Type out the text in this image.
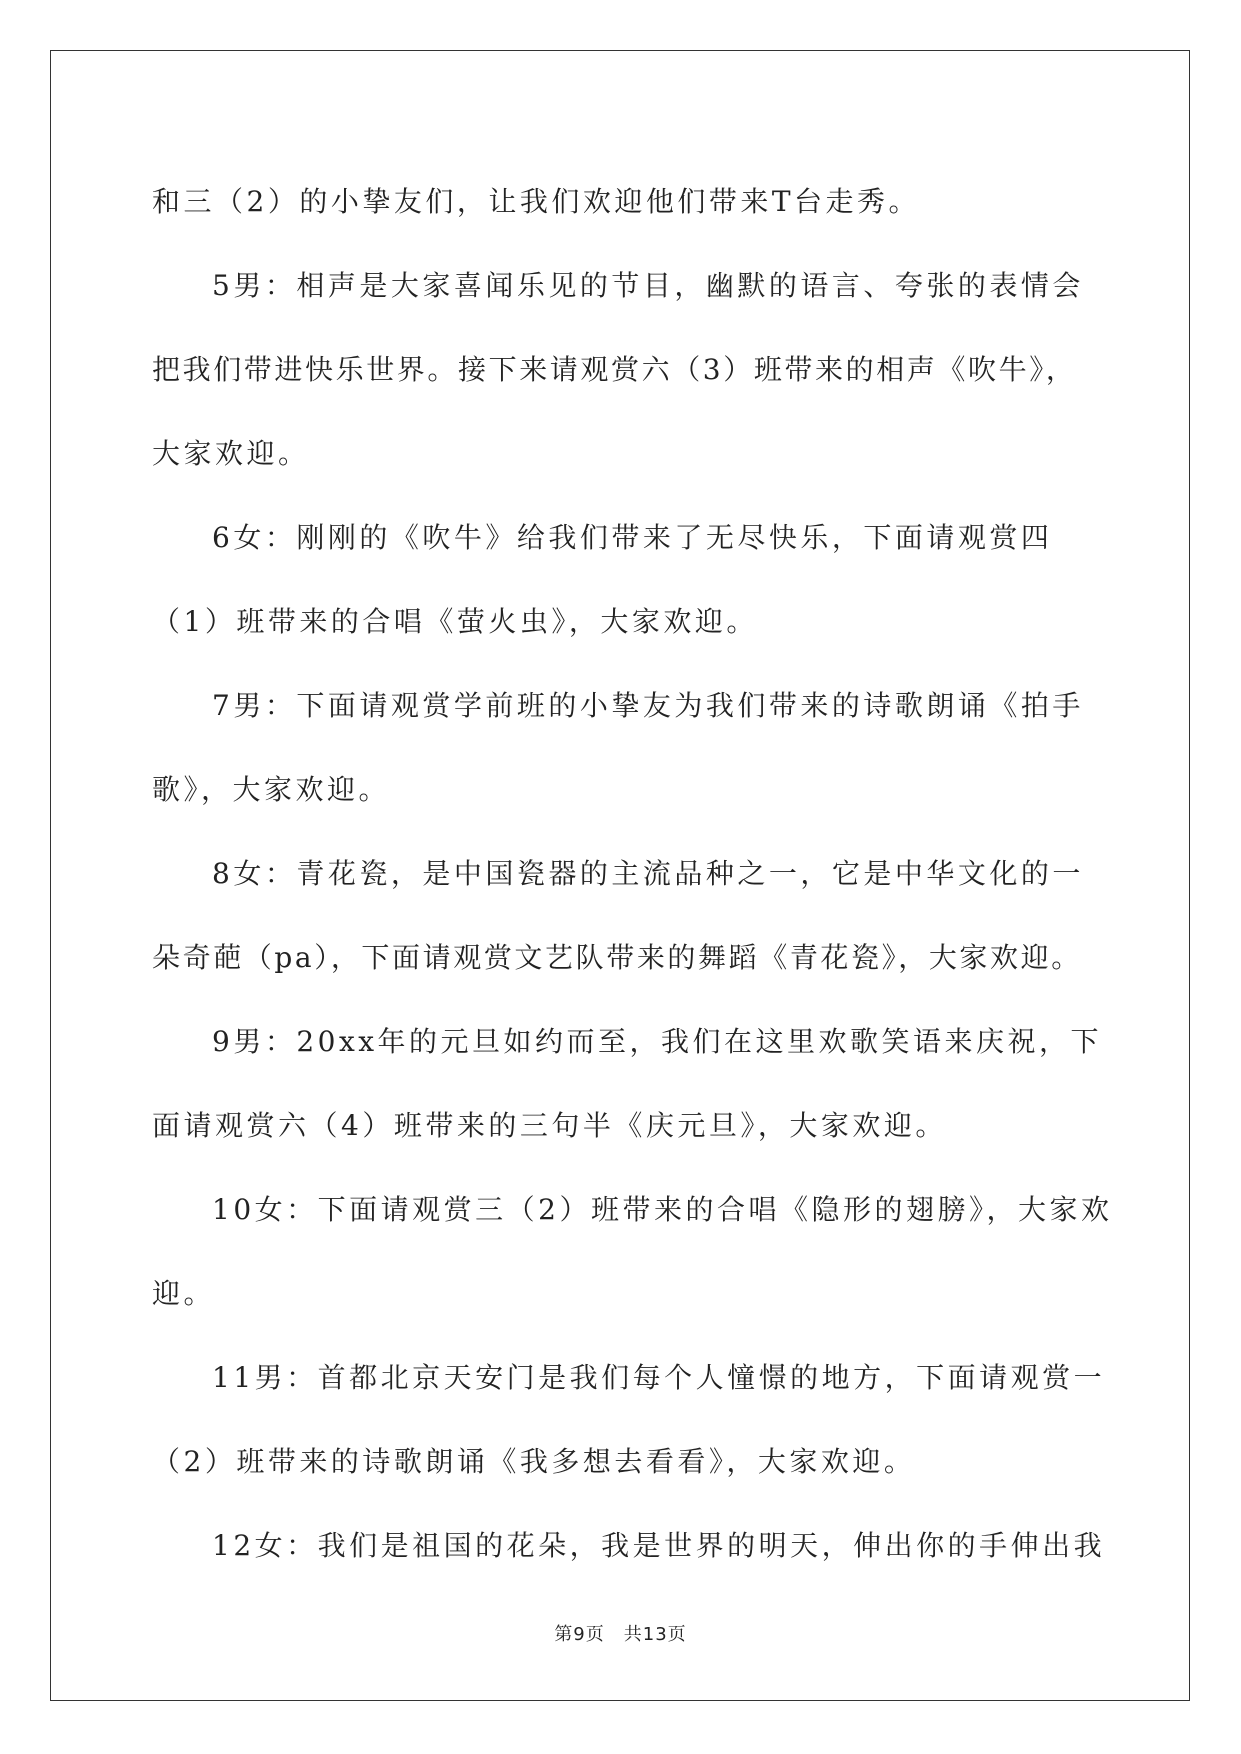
和三（2）的小挚友们，让我们欢迎他们带来T台走秀。
5男：相声是大家喜闻乐见的节目，幽默的语言、夸张的表情会
把我们带进快乐世界。接下来请观赏六（3）班带来的相声《吹牛》，
大家欢迎。
6女：刚刚的《吹牛》给我们带来了无尽快乐，下面请观赏四
（1）班带来的合唱《萤火虫》，大家欢迎。
7男：下面请观赏学前班的小挚友为我们带来的诗歌朗诵《拍手
歌》，大家欢迎。
8女：青花瓷，是中国瓷器的主流品种之一，它是中华文化的一
朵奇葩（pa），下面请观赏文艺队带来的舞蹈《青花瓷》，大家欢迎。
9男：20xx年的元旦如约而至，我们在这里欢歌笑语来庆祝，下
面请观赏六（4）班带来的三句半《庆元旦》，大家欢迎。
10女：下面请观赏三（2）班带来的合唱《隐形的翅膀》，大家欢
迎。
11男：首都北京天安门是我们每个人憧憬的地方，下面请观赏一
（2）班带来的诗歌朗诵《我多想去看看》，大家欢迎。
12女：我们是祖国的花朵，我是世界的明天，伸出你的手伸出我
第9页　共13页
